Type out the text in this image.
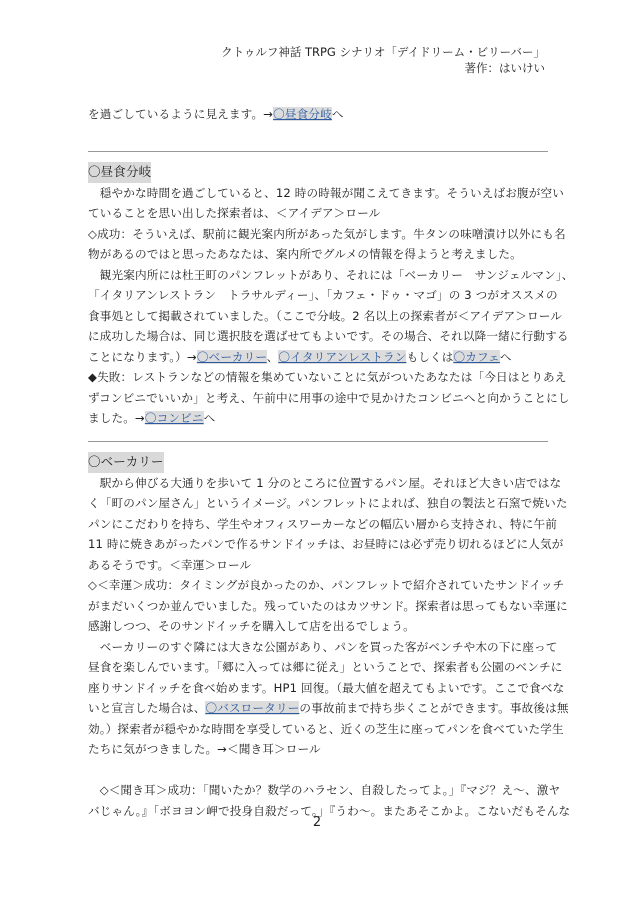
クトゥルフ神話 TRPG シナリオ「デイドリーム・ビリーバー」
著作：はいけい
を過ごしているように見えます。→〇昼食分岐へ
〇昼食分岐
　穏やかな時間を過ごしていると、12 時の時報が聞こえてきます。そういえばお腹が空い
ていることを思い出した探索者は、＜アイデア＞ロール
◇成功：そういえば、駅前に観光案内所があった気がします。牛タンの味噌漬け以外にも名
物があるのではと思ったあなたは、案内所でグルメの情報を得ようと考えました。
　観光案内所には杜王町のパンフレットがあり、それには「ベーカリー　サンジェルマン」、
「イタリアンレストラン　トラサルディー」、「カフェ・ドゥ・マゴ」の 3 つがオススメの
食事処として掲載されていました。（ここで分岐。2 名以上の探索者が＜アイデア＞ロール
に成功した場合は、同じ選択肢を選ばせてもよいです。その場合、それ以降一緒に行動する
ことになります。）→〇ベーカリー、〇イタリアンレストランもしくは〇カフェへ
◆失敗：レストランなどの情報を集めていないことに気がついたあなたは「今日はとりあえ
ずコンビニでいいか」と考え、午前中に用事の途中で見かけたコンビニへと向かうことにし
ました。→〇コンビニへ
〇ベーカリー
　駅から伸びる大通りを歩いて 1 分のところに位置するパン屋。それほど大きい店ではな
く「町のパン屋さん」というイメージ。パンフレットによれば、独自の製法と石窯で焼いた
パンにこだわりを持ち、学生やオフィスワーカーなどの幅広い層から支持され、特に午前
11 時に焼きあがったパンで作るサンドイッチは、お昼時には必ず売り切れるほどに人気が
あるそうです。＜幸運＞ロール
◇＜幸運＞成功：タイミングが良かったのか、パンフレットで紹介されていたサンドイッチ
がまだいくつか並んでいました。残っていたのはカツサンド。探索者は思ってもない幸運に
感謝しつつ、そのサンドイッチを購入して店を出るでしょう。
　ベーカリーのすぐ隣には大きな公園があり、パンを買った客がベンチや木の下に座って
昼食を楽しんでいます。「郷に入っては郷に従え」ということで、探索者も公園のベンチに
座りサンドイッチを食べ始めます。HP1 回復。（最大値を超えてもよいです。ここで食べな
いと宣言した場合は、〇バスロータリーの事故前まで持ち歩くことができます。事故後は無
効。）探索者が穏やかな時間を享受していると、近くの芝生に座ってパンを食べていた学生
たちに気がつきました。→＜聞き耳＞ロール
　◇＜聞き耳＞成功：「聞いたか？数学のハラセン、自殺したってよ。」『マジ？え〜、激ヤ
バじゃん。』「ボヨヨン岬で投身自殺だって。」『うわ〜。またあそこかよ。こないだもそんな
2
